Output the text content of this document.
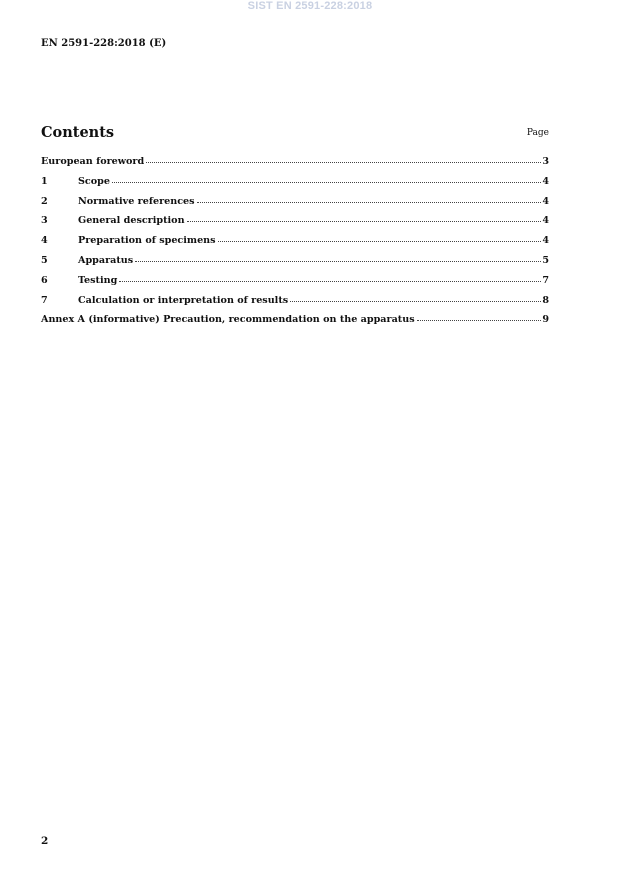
SIST EN 2591-228:2018
EN 2591-228:2018 (E)
Contents	Page
European foreword	3
1	Scope	4
2	Normative references	4
3	General description	4
4	Preparation of specimens	4
5	Apparatus	5
6	Testing	7
7	Calculation or interpretation of results	8
Annex A (informative) Precaution, recommendation on the apparatus	9
2
